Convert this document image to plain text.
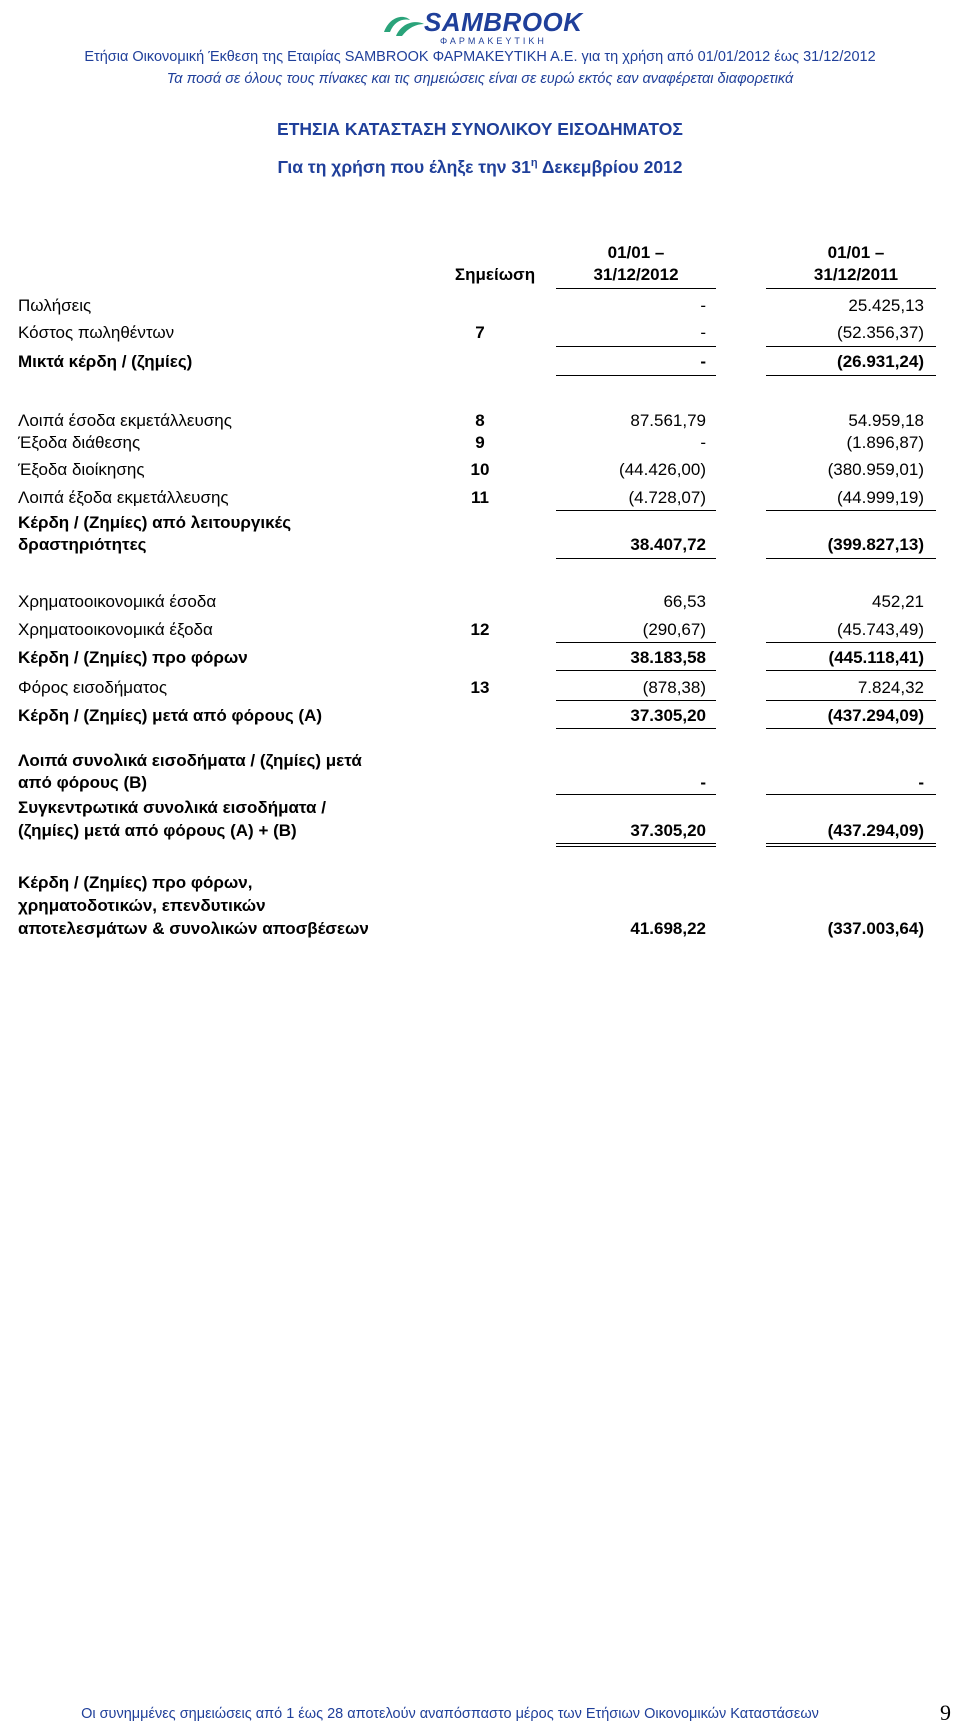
SAMBROOK
ΦΑΡΜΑΚΕΥΤΙΚΗ
Ετήσια Οικονομική Έκθεση της Εταιρίας SAMBROOK ΦΑΡΜΑΚΕΥΤΙΚΗ Α.Ε. για τη χρήση από 01/01/2012 έως 31/12/2012
Τα ποσά σε όλους τους πίνακες και τις σημειώσεις είναι σε ευρώ εκτός εαν αναφέρεται διαφορετικά
ΕΤΗΣΙΑ ΚΑΤΑΣΤΑΣΗ ΣΥΝΟΛΙΚΟΥ ΕΙΣΟΔΗΜΑΤΟΣ
Για τη χρήση που έληξε την $31^\eta$ Δεκεμβρίου 2012
Σημείωση
01/01 –
31/12/2012
01/01 –
31/12/2011
Πωλήσεις	-	25.425,13
Κόστος πωληθέντων	7	-	(52.356,37)
Μικτά κέρδη / (ζημίες)	-	(26.931,24)
Λοιπά έσοδα εκμετάλλευσης	8	87.561,79	54.959,18
Έξοδα διάθεσης	9	-	(1.896,87)
Έξοδα διοίκησης	10	(44.426,00)	(380.959,01)
Λοιπά έξοδα εκμετάλλευσης	11	(4.728,07)	(44.999,19)
Κέρδη / (Ζημίες) από λειτουργικές
δραστηριότητες	38.407,72	(399.827,13)
Χρηματοοικονομικά έσοδα	66,53	452,21
Χρηματοοικονομικά έξοδα	12	(290,67)	(45.743,49)
Κέρδη / (Ζημίες) προ φόρων	38.183,58	(445.118,41)
Φόρος εισοδήματος	13	(878,38)	7.824,32
Κέρδη / (Ζημίες) μετά από φόρους (Α)	37.305,20	(437.294,09)
Λοιπά συνολικά εισοδήματα / (ζημίες) μετά
από φόρους (Β)	-	-
Συγκεντρωτικά συνολικά εισοδήματα /
(ζημίες) μετά από φόρους (Α) + (Β)	37.305,20	(437.294,09)
Κέρδη / (Ζημίες) προ φόρων,
χρηματοδοτικών, επενδυτικών
αποτελεσμάτων & συνολικών αποσβέσεων	41.698,22	(337.003,64)
Οι συνημμένες σημειώσεις από 1 έως 28 αποτελούν αναπόσπαστο μέρος των Ετήσιων Οικονομικών Καταστάσεων	9
